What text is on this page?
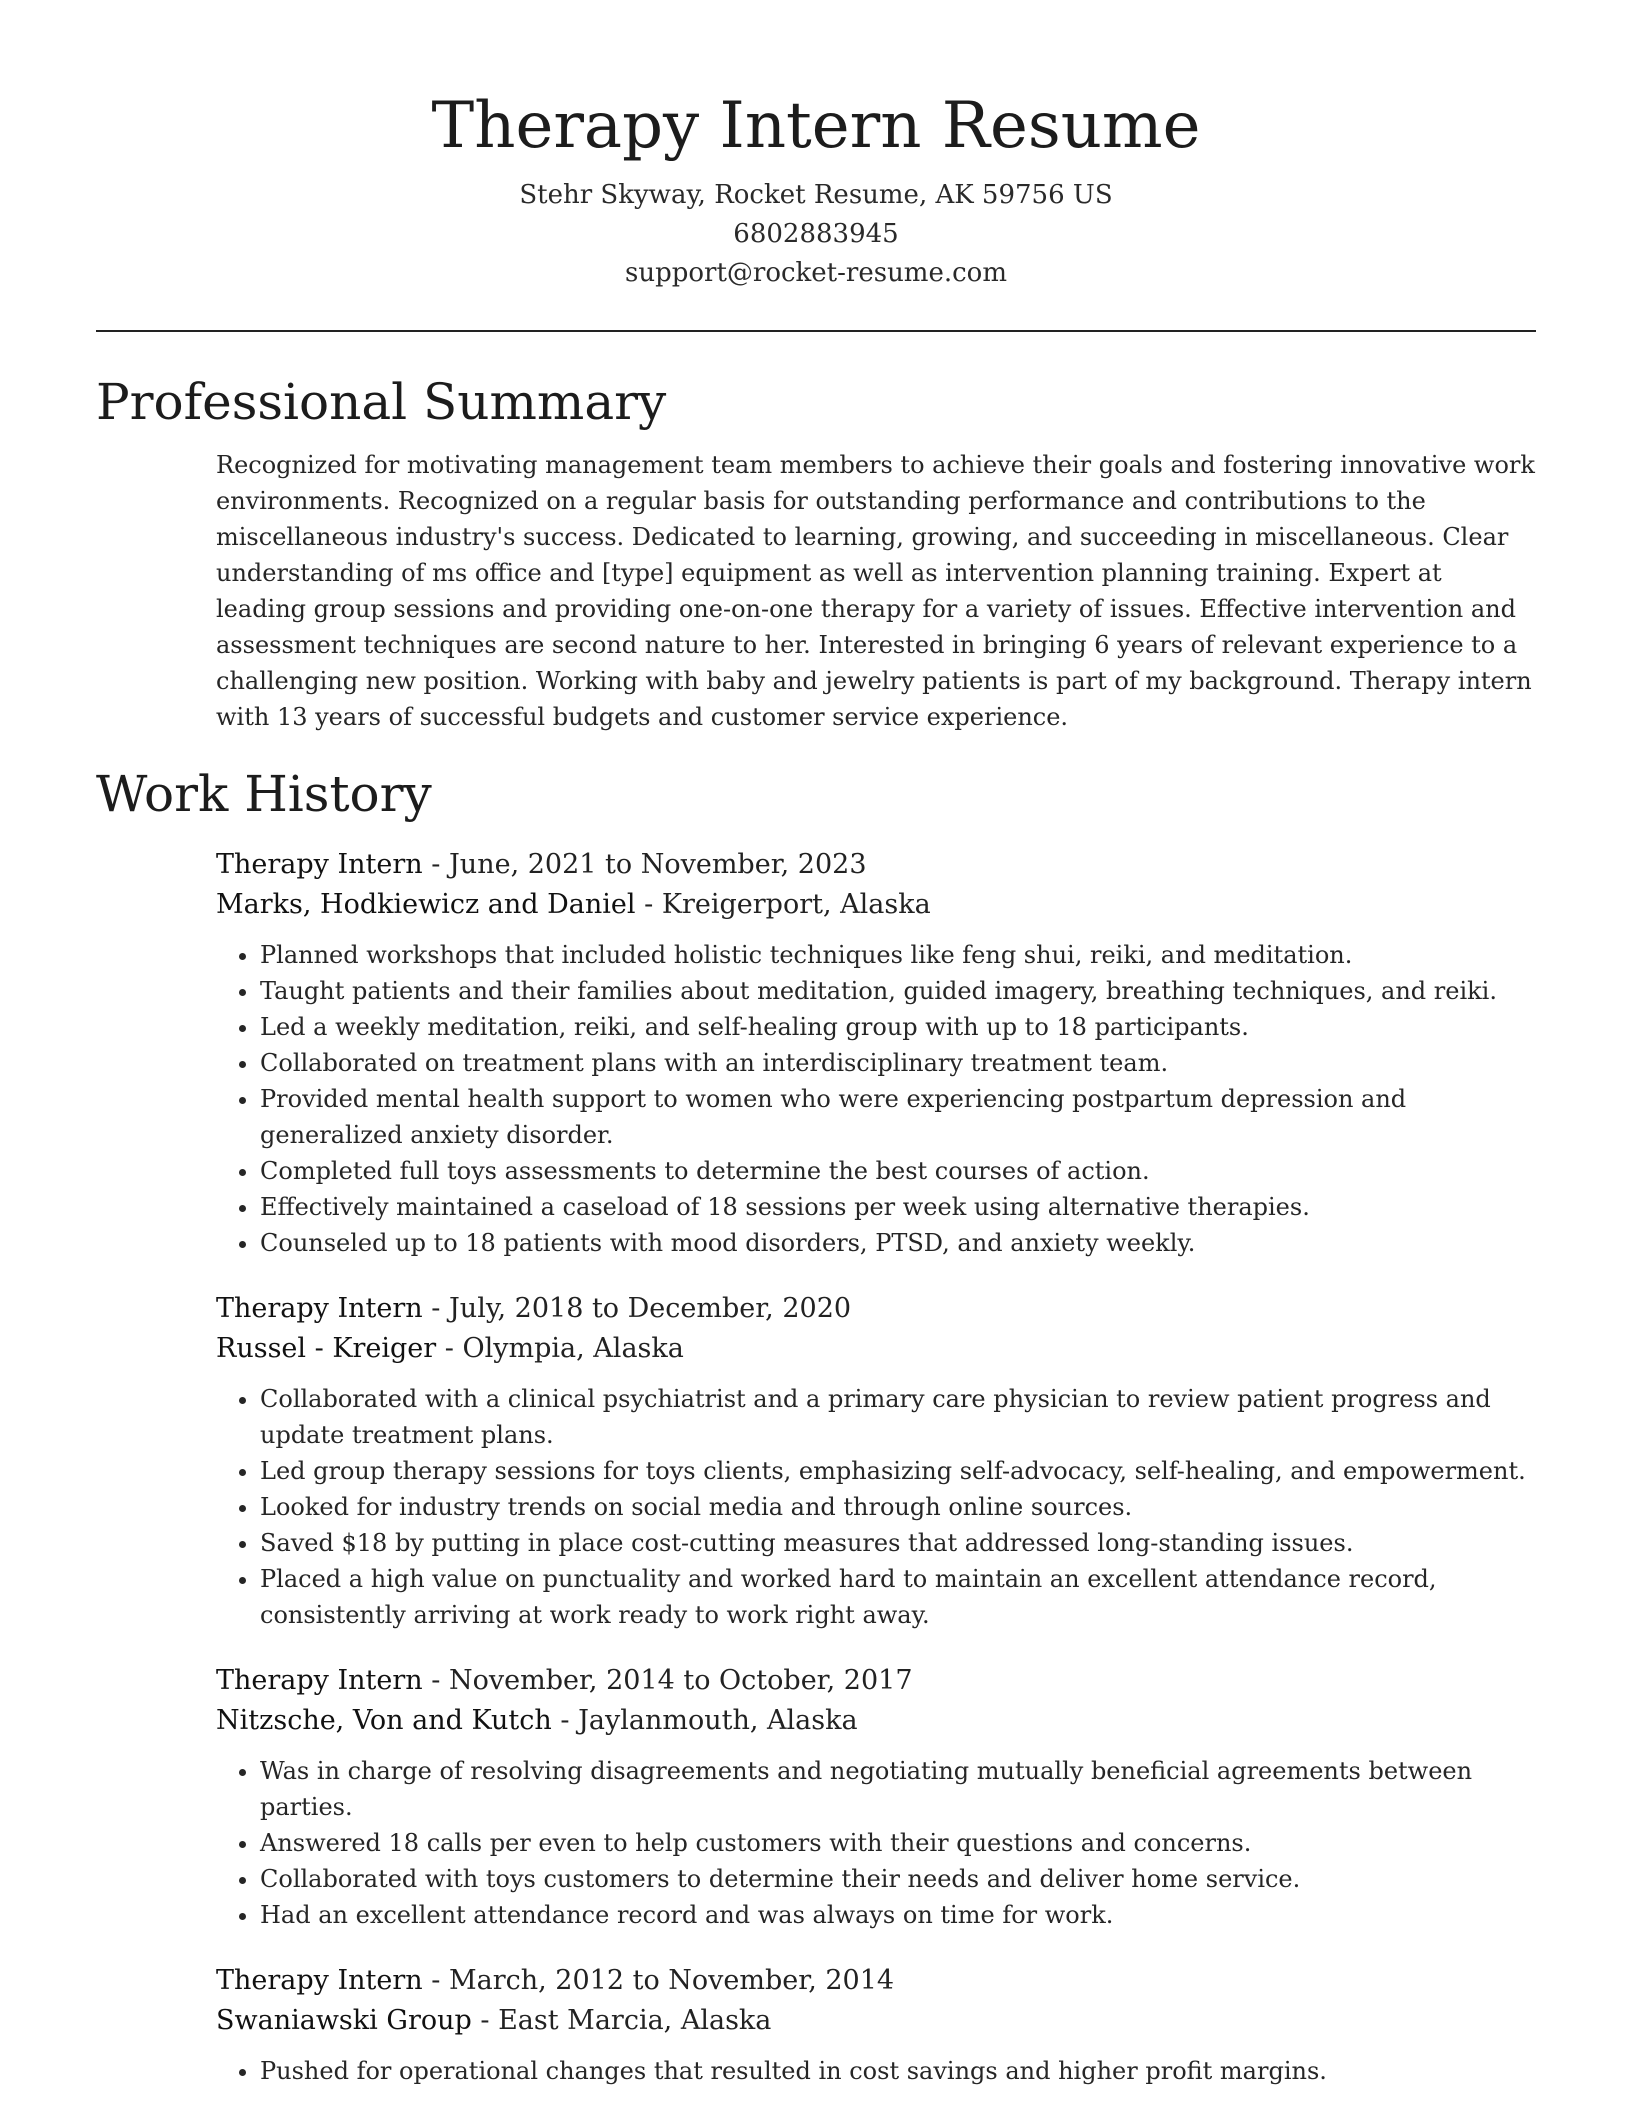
Therapy Intern Resume

Stehr Skyway, Rocket Resume, AK 59756 US

6802883945

support@rocket-resume.com

Professional Summary

Recognized for motivating management team members to achieve their goals and fostering innovative work environments. Recognized on a regular basis for outstanding performance and contributions to the miscellaneous industry's success. Dedicated to learning, growing, and succeeding in miscellaneous. Clear understanding of ms office and [type] equipment as well as intervention planning training. Expert at leading group sessions and providing one-on-one therapy for a variety of issues. Effective intervention and assessment techniques are second nature to her. Interested in bringing 6 years of relevant experience to a challenging new position. Working with baby and jewelry patients is part of my background. Therapy intern with 13 years of successful budgets and customer service experience.

Work History

Therapy Intern - June, 2021 to November, 2023

Marks, Hodkiewicz and Daniel - Kreigerport, Alaska

• Planned workshops that included holistic techniques like feng shui, reiki, and meditation.
• Taught patients and their families about meditation, guided imagery, breathing techniques, and reiki.
• Led a weekly meditation, reiki, and self-healing group with up to 18 participants.
• Collaborated on treatment plans with an interdisciplinary treatment team.
• Provided mental health support to women who were experiencing postpartum depression and generalized anxiety disorder.
• Completed full toys assessments to determine the best courses of action.
• Effectively maintained a caseload of 18 sessions per week using alternative therapies.
• Counseled up to 18 patients with mood disorders, PTSD, and anxiety weekly.

Therapy Intern - July, 2018 to December, 2020

Russel - Kreiger - Olympia, Alaska

• Collaborated with a clinical psychiatrist and a primary care physician to review patient progress and update treatment plans.
• Led group therapy sessions for toys clients, emphasizing self-advocacy, self-healing, and empowerment.
• Looked for industry trends on social media and through online sources.
• Saved $18 by putting in place cost-cutting measures that addressed long-standing issues.
• Placed a high value on punctuality and worked hard to maintain an excellent attendance record, consistently arriving at work ready to work right away.

Therapy Intern - November, 2014 to October, 2017

Nitzsche, Von and Kutch - Jaylanmouth, Alaska

• Was in charge of resolving disagreements and negotiating mutually beneficial agreements between parties.
• Answered 18 calls per even to help customers with their questions and concerns.
• Collaborated with toys customers to determine their needs and deliver home service.
• Had an excellent attendance record and was always on time for work.

Therapy Intern - March, 2012 to November, 2014

Swaniawski Group - East Marcia, Alaska

• Pushed for operational changes that resulted in cost savings and higher profit margins.
